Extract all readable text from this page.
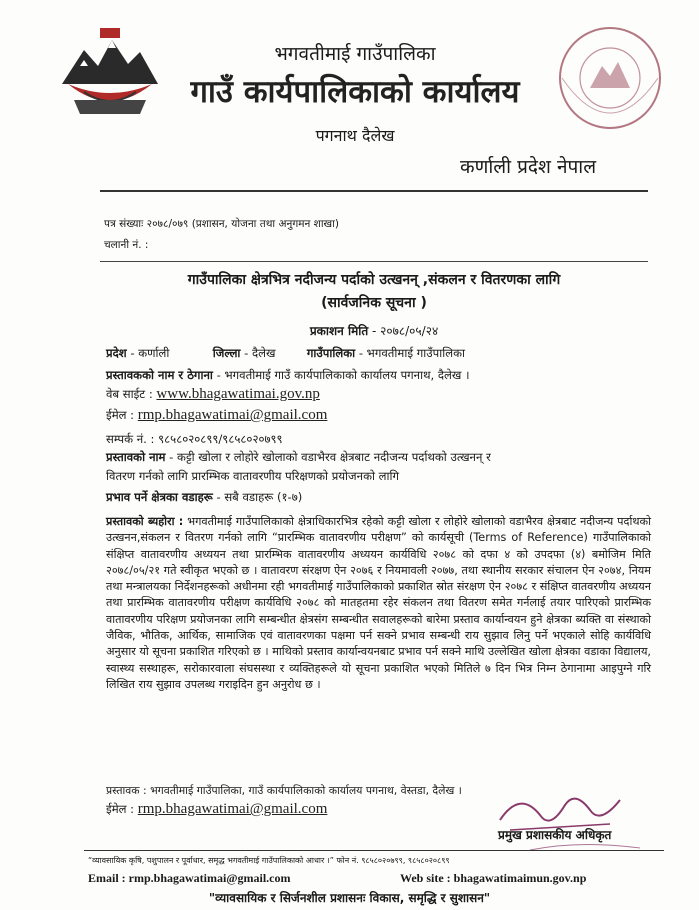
भगवतीमाई गाउँपालिका
गाउँ कार्यपालिकाको कार्यालय
पगनाथ दैलेख
कर्णाली प्रदेश नेपाल
पत्र संख्याः २०७८/०७९ (प्रशासन, योजना तथा अनुगमन शाखा)
चलानी नं. :
गाउँपालिका क्षेत्रभित्र नदीजन्य पर्दाको उत्खनन् ,संकलन र वितरणका लागि
(सार्वजनिक सूचना )
प्रकाशन मिति - २०७८/०५/२४
प्रदेश - कर्णाली	जिल्ला - दैलेख	गाउँपालिका - भगवतीमाई गाउँपालिका
प्रस्तावकको नाम र ठेगाना - भगवतीमाई गाउँ कार्यपालिकाको कार्यालय पगनाथ, दैलेख ।
वेब साईट : www.bhagawatimai.gov.np
ईमेल : rmp.bhagawatimai@gmail.com
सम्पर्क नं. : ९८५८०२०८९९/९८५८०२०७९९
प्रस्तावको नाम - कट्टी खोला र लोहोरे खोलाको वडाभैरव क्षेत्रबाट नदीजन्य पर्दाथको उत्खनन् र
वितरण गर्नको लागि प्रारम्भिक वातावरणीय परिक्षणको प्रयोजनको लागि
प्रभाव पर्ने क्षेत्रका वडाहरू - सबै वडाहरू (१-७)
प्रस्तावको ब्यहोरा : भगवतीमाई गाउँपालिकाको क्षेत्राधिकारभित्र रहेको कट्टी खोला र लोहोरे खोलाको वडाभैरव क्षेत्रबाट नदीजन्य पर्दाथको उत्खनन,संकलन र वितरण गर्नको लागि “प्रारम्भिक वातावरणीय परीक्षण” को कार्यसूची (Terms of Reference) गाउँपालिकाको संक्षिप्त वातावरणीय अध्ययन तथा प्रारम्भिक वातावरणीय अध्ययन कार्यविधि २०७८ को दफा ४ को उपदफा (४) बमोजिम मिति २०७८/०५/२१ गते स्वीकृत भएको छ । वातावरण संरक्षण ऐन २०७६ र नियमावली २०७७, तथा स्थानीय सरकार संचालन ऐन २०७४, नियम तथा मन्त्रालयका निर्देशनहरूको अधीनमा रही भगवतीमाई गाउँपालिकाको प्रकाशित स्रोत संरक्षण ऐन २०७८ र संक्षिप्त वातवरणीय अध्ययन तथा प्रारम्भिक वातावरणीय परीक्षण कार्यविधि २०७८ को मातहतमा रहेर संकलन तथा वितरण समेत गर्नलाई तयार पारिएको प्रारम्भिक वातावरणीय परिक्षण प्रयोजनका लागि सम्बन्धीत क्षेत्रसंग सम्बन्धीत सवालहरूको बारेमा प्रस्ताव कार्यान्वयन हुने क्षेत्रका ब्यक्ति वा संस्थाको जैविक, भौतिक, आर्थिक, सामाजिक एवं वातावरणका पक्षमा पर्न सक्ने प्रभाव सम्बन्धी राय सुझाव लिनु पर्ने भएकाले सोहि कार्यविधि अनुसार यो सूचना प्रकाशित गरिएको छ । माथिको प्रस्ताव कार्यान्वयनबाट प्रभाव पर्न सक्ने माथि उल्लेखित खोला क्षेत्रका वडाका विद्यालय, स्वास्थ्य सस्थाहरू, सरोकारवाला संघसस्था र व्यक्तिहरूले यो सूचना प्रकाशित भएको मितिले ७ दिन भित्र निम्न ठेगानामा आइपुग्ने गरि लिखित राय सुझाव उपलब्ध गराइदिन हुन अनुरोध छ ।
प्रस्तावक : भगवतीमाई गाउँपालिका, गाउँ कार्यपालिकाको कार्यालय पगनाथ, वेस्तडा, दैलेख ।
ईमेल : rmp.bhagawatimai@gmail.com
प्रमुख प्रशासकीय अधिकृत
“व्यावसायिक कृषि, पशुपालन र पूर्वाधार, समृद्ध भगवतीमाई गाउँपालिकाको आधार ।” फोन नं. ९८५८०२०७९९, ९८५८०२०८९९
Email : rmp.bhagawatimai@gmail.com	Web site : bhagawatimaimun.gov.np
"व्यावसायिक र सिर्जनशील प्रशासनः विकास, समृद्धि र सुशासन"
